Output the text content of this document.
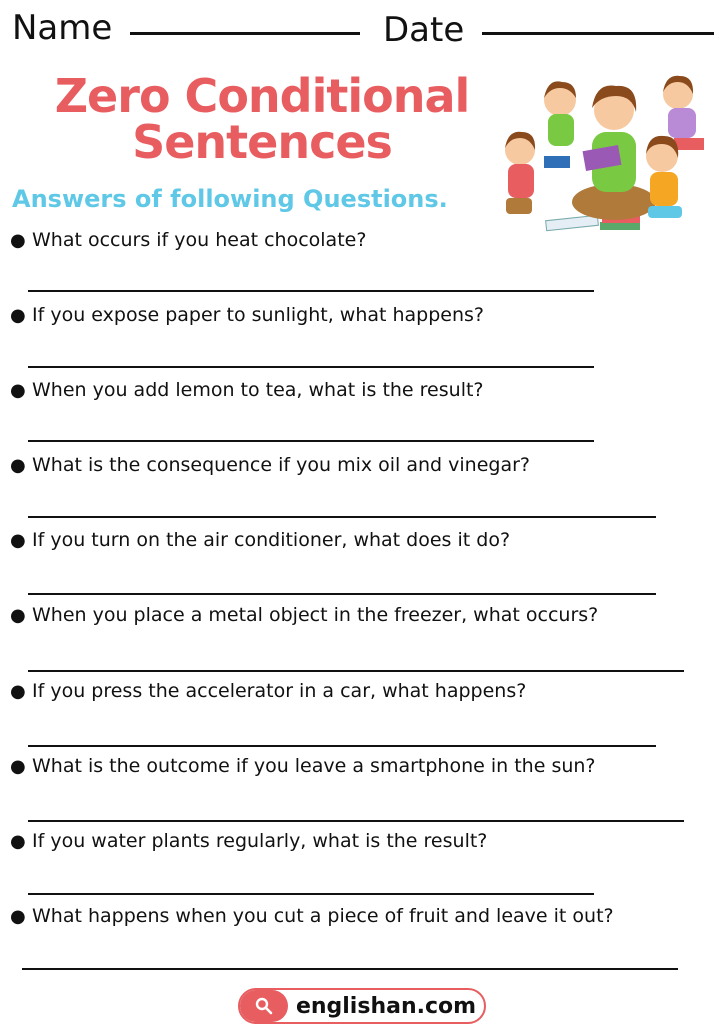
Name	Date
Zero Conditional
Sentences
Answers of following Questions.
● What occurs if you heat chocolate?
● If you expose paper to sunlight, what happens?
● When you add lemon to tea, what is the result?
● What is the consequence if you mix oil and vinegar?
● If you turn on the air conditioner, what does it do?
● When you place a metal object in the freezer, what occurs?
● If you press the accelerator in a car, what happens?
● What is the outcome if you leave a smartphone in the sun?
● If you water plants regularly, what is the result?
● What happens when you cut a piece of fruit and leave it out?
englishan.com
